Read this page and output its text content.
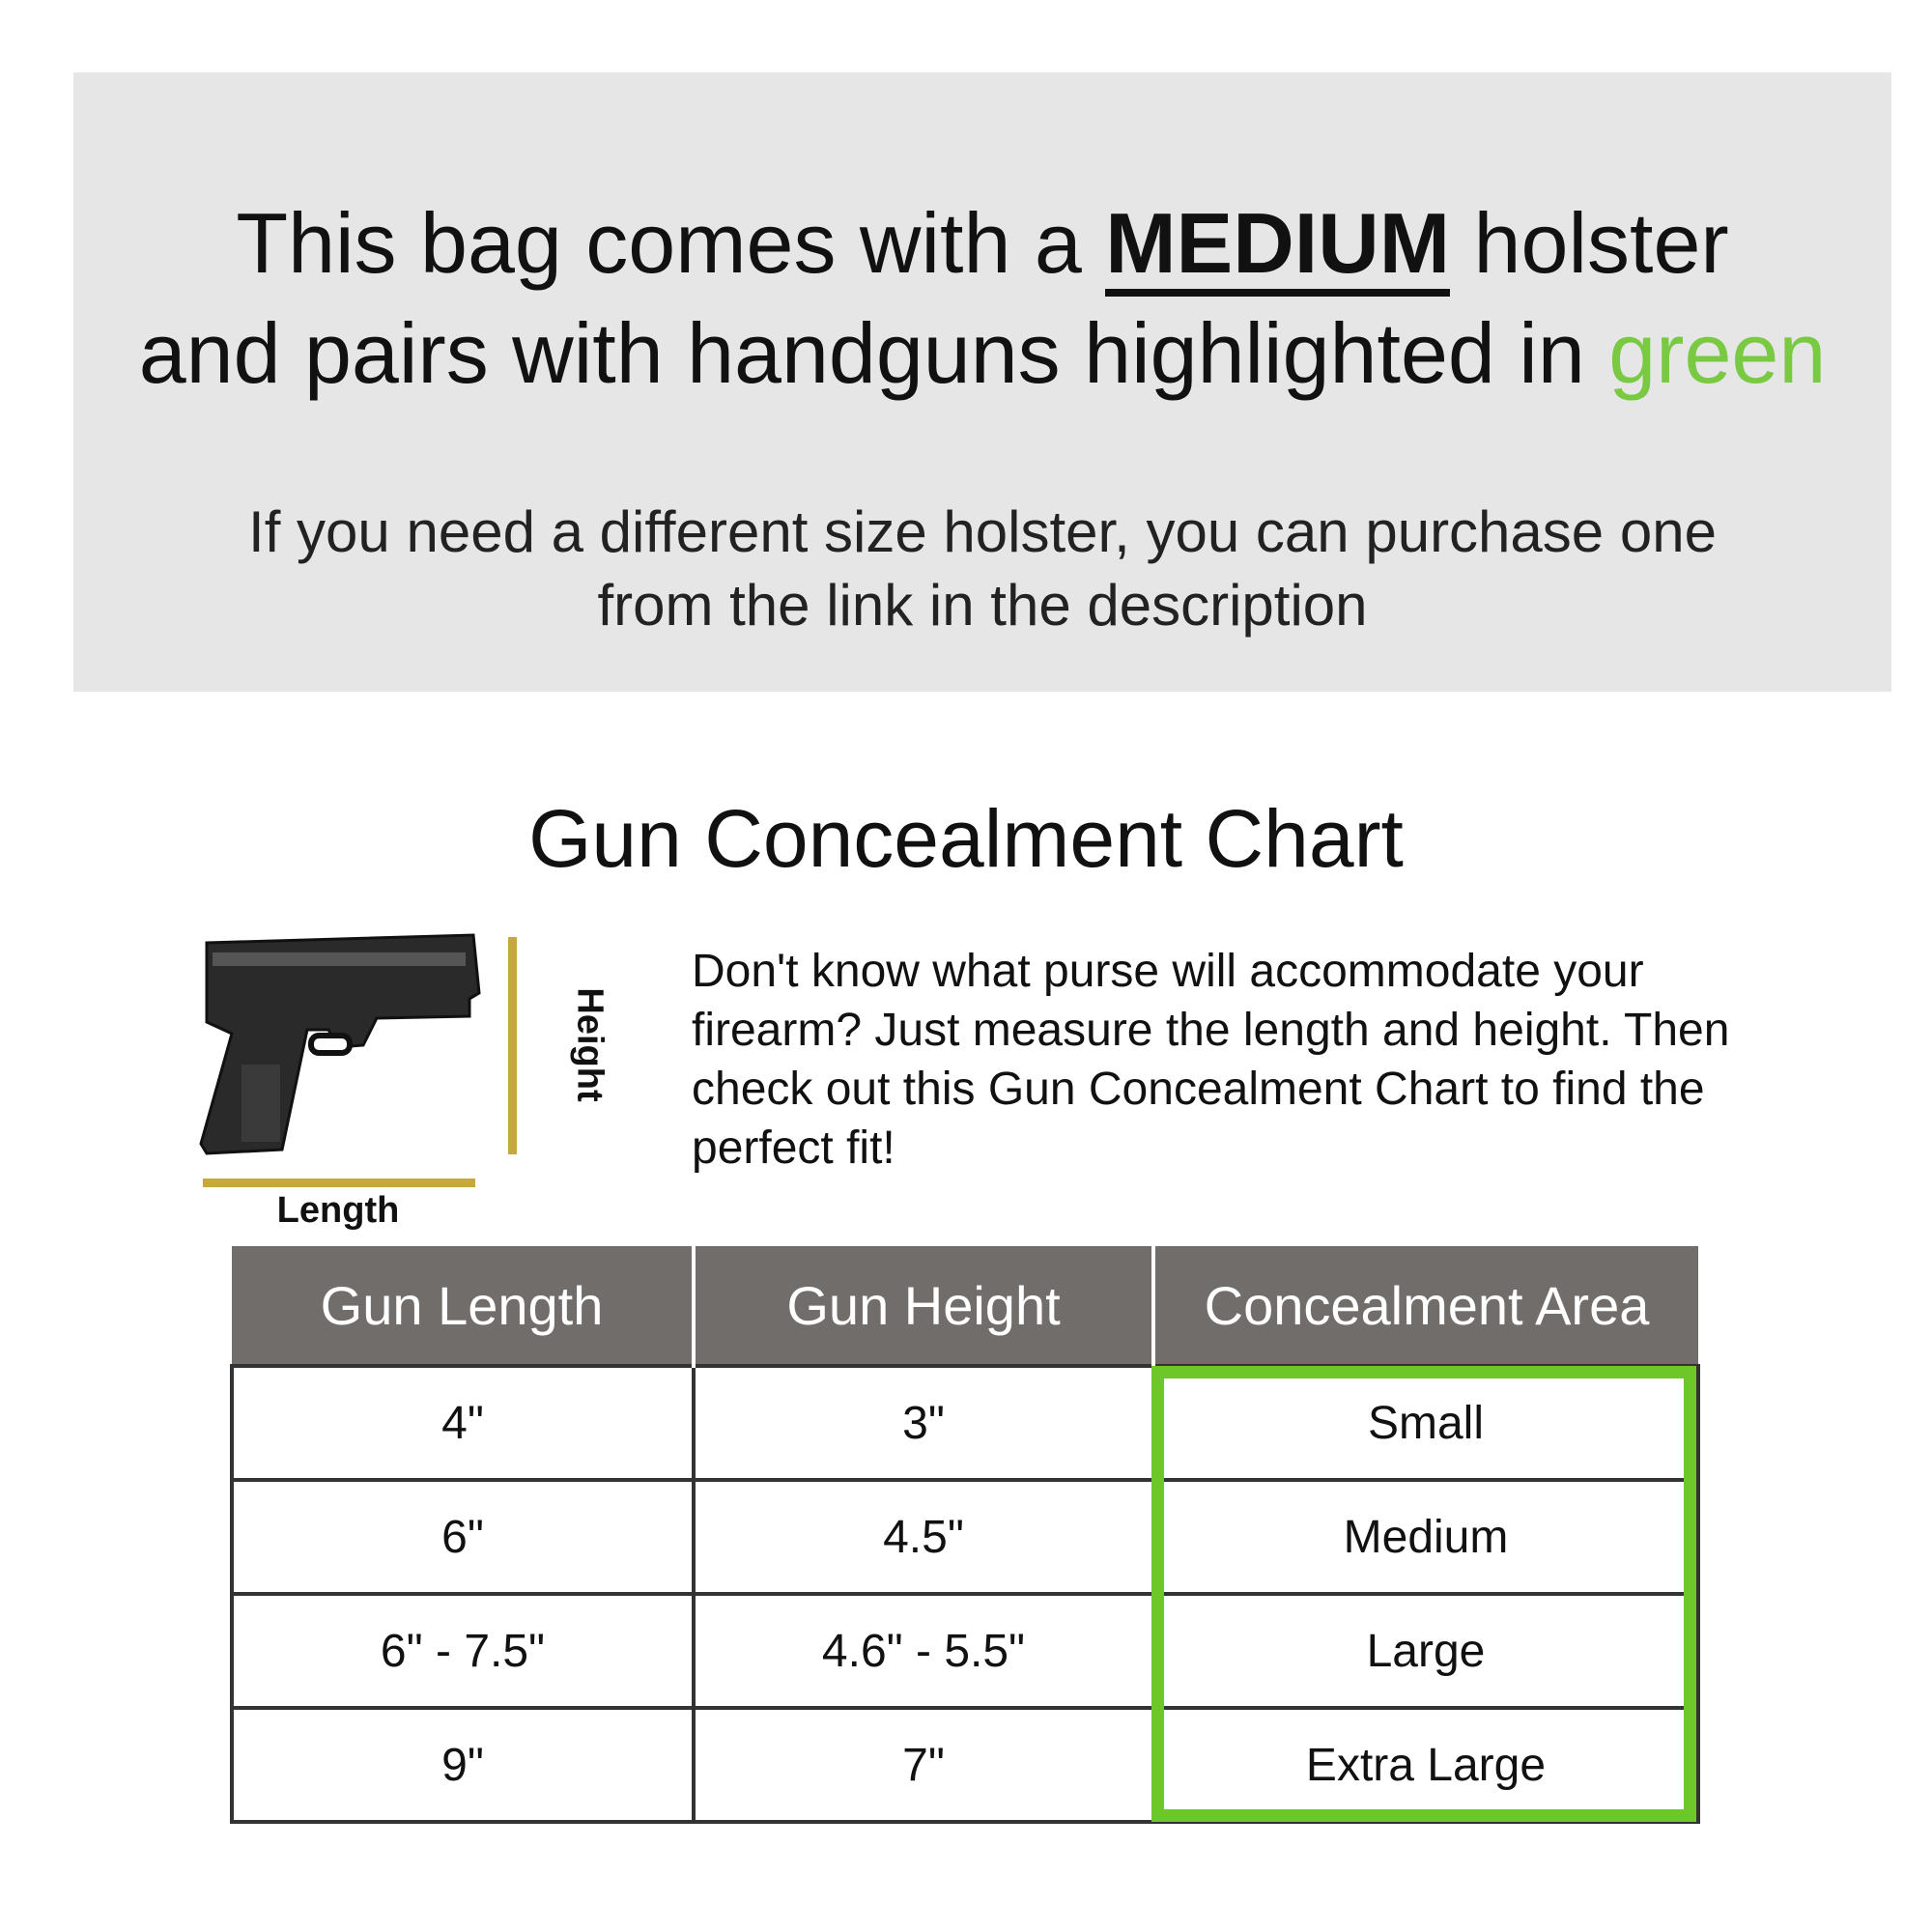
This bag comes with a MEDIUM holster
and pairs with handguns highlighted in green
If you need a different size holster, you can purchase one
from the link in the description
Gun Concealment Chart
Length
Height
Don't know what purse will accommodate your firearm? Just measure the length and height. Then check out this Gun Concealment Chart to find the perfect fit!
Gun Length	Gun Height	Concealment Area
4"	3"	Small
6"	4.5"	Medium
6" - 7.5"	4.6" - 5.5"	Large
9"	7"	Extra Large
